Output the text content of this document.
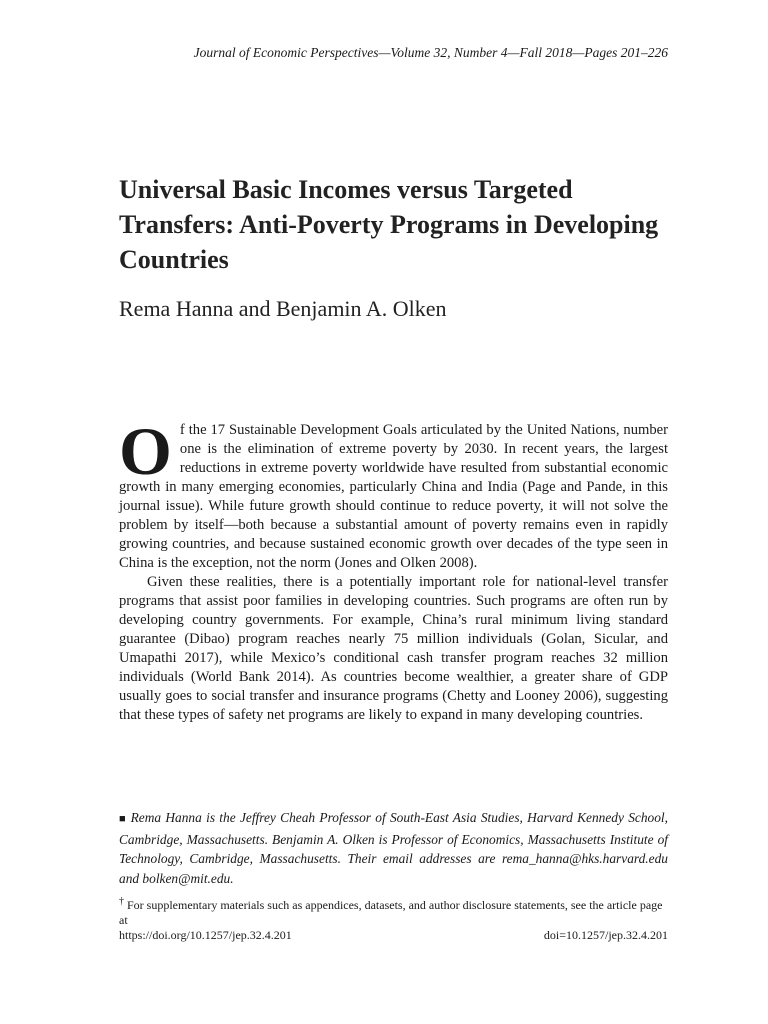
Journal of Economic Perspectives—Volume 32, Number 4—Fall 2018—Pages 201–226
Universal Basic Incomes versus Targeted Transfers: Anti-Poverty Programs in Developing Countries
Rema Hanna and Benjamin A. Olken

Of the 17 Sustainable Development Goals articulated by the United Nations, number one is the elimination of extreme poverty by 2030. In recent years, the largest reductions in extreme poverty worldwide have resulted from substantial economic growth in many emerging economies, particularly China and India (Page and Pande, in this journal issue). While future growth should continue to reduce poverty, it will not solve the problem by itself—both because a substantial amount of poverty remains even in rapidly growing countries, and because sustained economic growth over decades of the type seen in China is the exception, not the norm (Jones and Olken 2008).

Given these realities, there is a potentially important role for national-level transfer programs that assist poor families in developing countries. Such programs are often run by developing country governments. For example, China’s rural minimum living standard guarantee (Dibao) program reaches nearly 75 million individuals (Golan, Sicular, and Umapathi 2017), while Mexico’s conditional cash transfer program reaches 32 million individuals (World Bank 2014). As countries become wealthier, a greater share of GDP usually goes to social transfer and insurance programs (Chetty and Looney 2006), suggesting that these types of safety net programs are likely to expand in many developing countries.

■ Rema Hanna is the Jeffrey Cheah Professor of South-East Asia Studies, Harvard Kennedy School, Cambridge, Massachusetts. Benjamin A. Olken is Professor of Economics, Massachusetts Institute of Technology, Cambridge, Massachusetts. Their email addresses are rema_hanna@hks.harvard.edu and bolken@mit.edu.

† For supplementary materials such as appendices, datasets, and author disclosure statements, see the article page at

https://doi.org/10.1257/jep.32.4.201	doi=10.1257/jep.32.4.201
